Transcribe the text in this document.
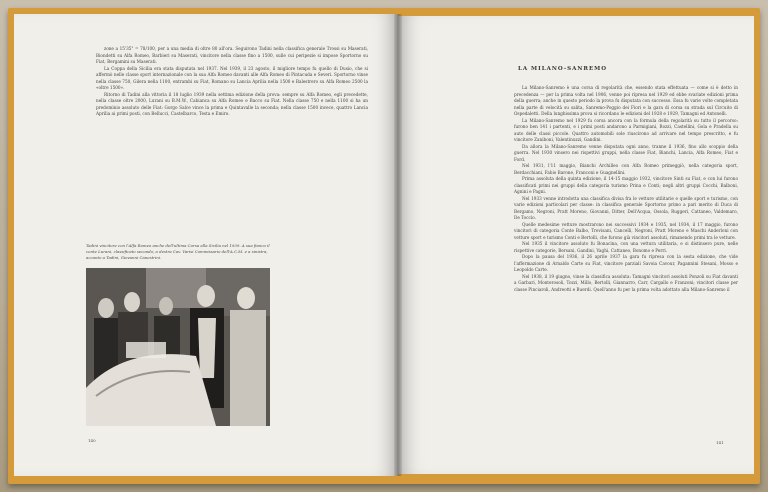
zone a 15'35" = 78/100, per a una media di oltre 80 all'ora. Seguirono Tadini nella classifica generale Trossi su Maserati, Biondetti su Alfa Romeo, Barbieri su Maserati, vincitore nella classe fino a 1500, sulle cui peripezie si impose Sportorno su Fiat, Bergamini su Maserati.

La Coppa della Sicilia era stata disputata nel 1937. Nel 1939, il 23 agosto, il migliore tempo fu quello di Dusio, che si affermò nelle classe sport internazionale con la sua Alfa Romeo davanti alle Alfa Romeo di Pintacuda e Severi. Sportorno vinse nella classe 750, Gilera nella 1100, entrambi su Fiat, Romano su Lancia Aprilia nella 1500 e Balestrero su Alfa Romeo 2500 la «oltre 1500».

Ritorno di Tadini alla vittoria il 18 luglio 1939 nella settima edizione della prova: sempre su Alfa Romeo, egli precedette, nella classe oltre 2000, Lurani su B.M.W., Cabianca su Alfa Romeo e Bacco su Fiat. Nella classe 750 e nella 1100 si ha un predominio assoluto delle Fiat: Gorgo Salce vince la prima e Quintavalle la seconda; nella classe 1500 invece, quattro Lancia Aprilia ai primi posti, con Bellucci, Castelbarco, Testa e Emiro.

Tadini vincitore con l'Alfa Romeo anche dell'ultima Corsa alla Sicilia nel 1939. A sua fianco il conte Lurani, classificato secondo; a destra Cav. Varisi Commissario dell'A.C.M. e a sinistra, accanto a Tadini, Giovanni Canestrini.
140
LA MILANO-SANREMO

La Milano-Sanremo è una corsa di regolarità che, essendo stata effettuata — come si è detto in precedenza — per la prima volta nel 1906, venne poi ripresa nel 1929 ed ebbe svariate edizioni prima della guerra; anche in questo periodo la prova fu disputata con successo. Essa fu varie volte completata nella parte di velocità su salita, Sanremo-Poggio dei Fiori e la gara di corsa su strada sul Circuito di Ospedaletti. Della lunghissima prova si ricordano le edizioni del 1928 e 1929, Tamagni ed Antonelli.

La Milano-Sanremo nel 1929 fu corsa ancora con la formula della regolarità su tutto il percorso: furono ben 141 i partenti, e i primi posti andarono a Parmigiani, Rozzi, Castellini, Gola e Pradella su auto delle classi piccole. Quattro automobili sole riuscirono ad arrivare nel tempo prescritto, e fu vincitore Zaniboni, Valentinuzzi, Gandini.

Da allora la Milano-Sanremo venne disputata ogni anno, tranne il 1936, fino allo scoppio della guerra. Nel 1930 vinsero nei rispettivi gruppi, nella classe Fiat, Bianchi, Lancia, Alfa Romeo, Fiat e Ford.

Nel 1931, l'11 maggio, Bianchi Archilleo con Alfa Romeo primeggiò, nella categoria sport, Berdacchiani, Fabio Barone, Franconi e Guagnellini.

Prima assoluta della quinta edizione, il 14-15 maggio 1932, vincitore Sinti su Fiat, e con lui furono classificati primi nei gruppi della categoria turismo Prina e Conti; negli altri gruppi Cocchi, Balboni, Agnini e Pagni.

Nel 1933 venne introdotta una classifica divisa fra le vetture utilitarie e quelle sport e turismo, con varie edizioni particolari per classe: in classifica generale Sportorno primo a pari merito di Duca di Bergamo, Negroni, Pratt Moreno, Giovanni, Ditter, Dell'Acqua, Ossola, Ruggeri, Cattaneo, Valdemaro, De Toccio.

Quelle medesime vetture mostrarono nei successivi 1934 e 1935, nel 1934, il 17 maggio, furono vincitori di categoria Conte Balbo, Trevisani, Cancelli, Negroni, Pratt Moreno e Maschi Anderloni con vetture sport e turismo Conti e Bertolli, che furono già vincitori assoluti, rimanendo primi tra le vetture.

Nel 1935 il vincitore assoluto fu Bonacina, con una vettura utilitaria, e si distinsero pure, nelle rispettive categorie, Bersani, Gandini, Vaghi, Cattaneo, Bonomo e Perri.

Dopo la pausa del 1936, il 26 aprile 1937 la gara fu ripresa con la sesta edizione, che vide l'affermazione di Arnaldo Carte su Fiat, vincitore parziali Savoia Cavour, Pagannini Stesani, Mosso e Leopoldo Carte.

Nel 1938, il 19 giugno, vinse la classifica assoluta: Tamagni vincitori assoluti Ponzoli su Fiat davanti a Garbari, Monterosoli, Tozzi, Millo, Bertolli, Giannarro, Carr, Cargallo e Franzoni; vincitori classe per classe Pinciaroli, Andreotti e Buerdi. Quell'anno fu per la prima volta adottato alla Milano-Sanremo il

141
